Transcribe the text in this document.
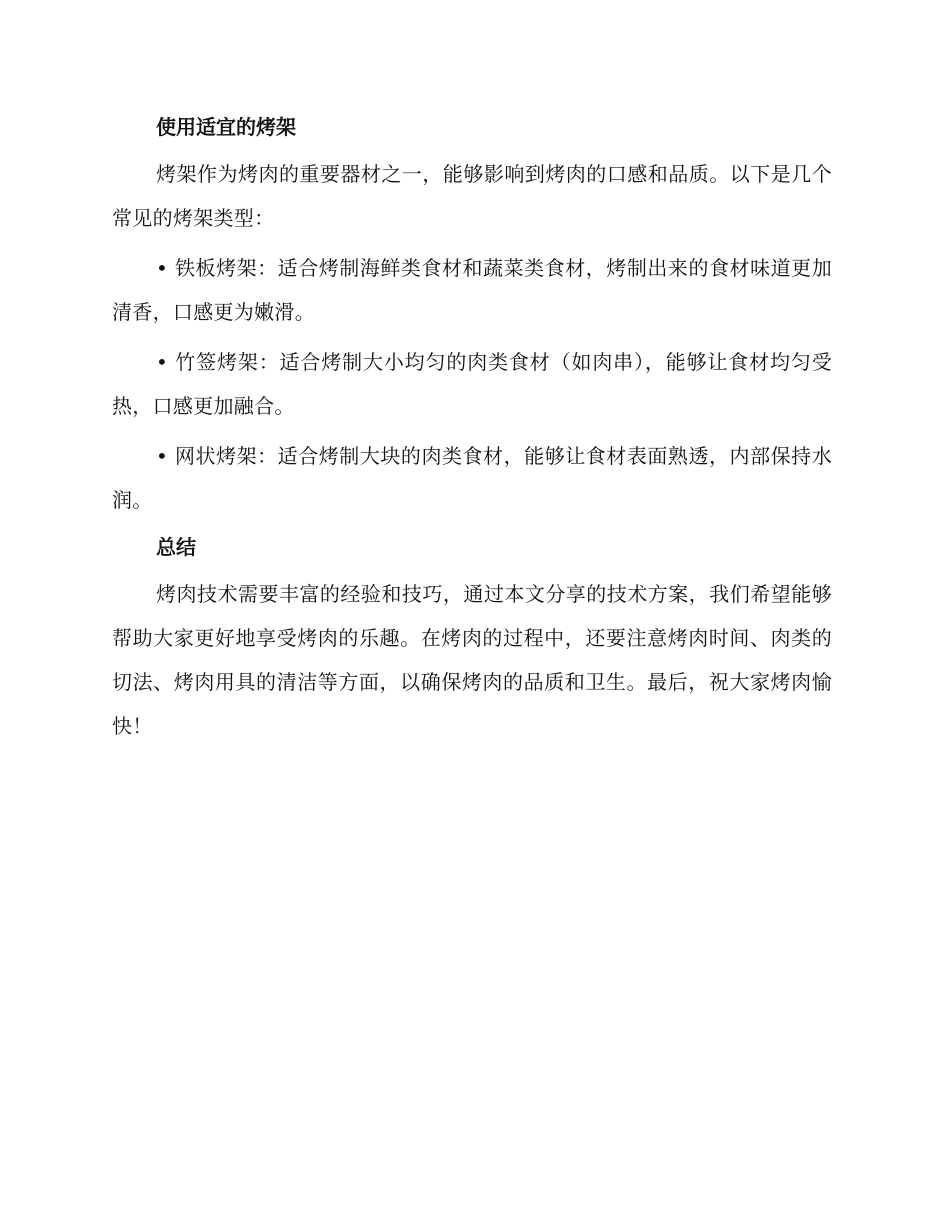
使用适宜的烤架

烤架作为烤肉的重要器材之一，能够影响到烤肉的口感和品质。以下是几个常见的烤架类型：

• 铁板烤架：适合烤制海鲜类食材和蔬菜类食材，烤制出来的食材味道更加清香，口感更为嫩滑。

• 竹签烤架：适合烤制大小均匀的肉类食材（如肉串），能够让食材均匀受热，口感更加融合。

• 网状烤架：适合烤制大块的肉类食材，能够让食材表面熟透，内部保持水润。

总结

烤肉技术需要丰富的经验和技巧，通过本文分享的技术方案，我们希望能够帮助大家更好地享受烤肉的乐趣。在烤肉的过程中，还要注意烤肉时间、肉类的切法、烤肉用具的清洁等方面，以确保烤肉的品质和卫生。最后，祝大家烤肉愉快！
